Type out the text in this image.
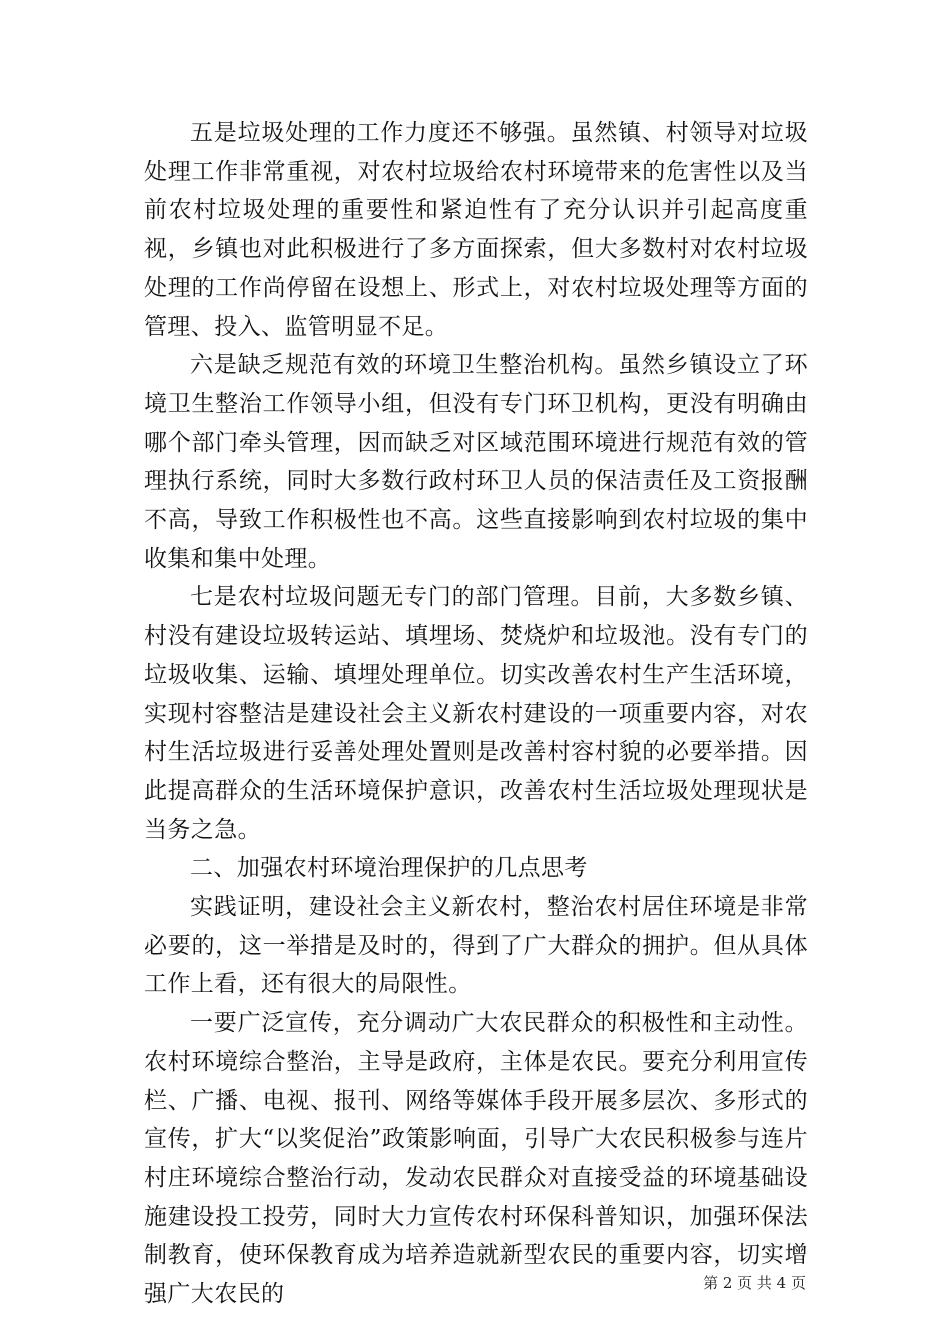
五是垃圾处理的工作力度还不够强。虽然镇、村领导对垃圾处理工作非常重视，对农村垃圾给农村环境带来的危害性以及当前农村垃圾处理的重要性和紧迫性有了充分认识并引起高度重视，乡镇也对此积极进行了多方面探索，但大多数村对农村垃圾处理的工作尚停留在设想上、形式上，对农村垃圾处理等方面的管理、投入、监管明显不足。

六是缺乏规范有效的环境卫生整治机构。虽然乡镇设立了环境卫生整治工作领导小组，但没有专门环卫机构，更没有明确由哪个部门牵头管理，因而缺乏对区域范围环境进行规范有效的管理执行系统，同时大多数行政村环卫人员的保洁责任及工资报酬不高，导致工作积极性也不高。这些直接影响到农村垃圾的集中收集和集中处理。

七是农村垃圾问题无专门的部门管理。目前，大多数乡镇、村没有建设垃圾转运站、填埋场、焚烧炉和垃圾池。没有专门的垃圾收集、运输、填埋处理单位。切实改善农村生产生活环境，实现村容整洁是建设社会主义新农村建设的一项重要内容，对农村生活垃圾进行妥善处理处置则是改善村容村貌的必要举措。因此提高群众的生活环境保护意识，改善农村生活垃圾处理现状是当务之急。

二、加强农村环境治理保护的几点思考

实践证明，建设社会主义新农村，整治农村居住环境是非常必要的，这一举措是及时的，得到了广大群众的拥护。但从具体工作上看，还有很大的局限性。

一要广泛宣传，充分调动广大农民群众的积极性和主动性。农村环境综合整治，主导是政府，主体是农民。要充分利用宣传栏、广播、电视、报刊、网络等媒体手段开展多层次、多形式的宣传，扩大“以奖促治”政策影响面，引导广大农民积极参与连片村庄环境综合整治行动，发动农民群众对直接受益的环境基础设施建设投工投劳，同时大力宣传农村环保科普知识，加强环保法制教育，使环保教育成为培养造就新型农民的重要内容，切实增强广大农民的	第 2 页 共 4 页
